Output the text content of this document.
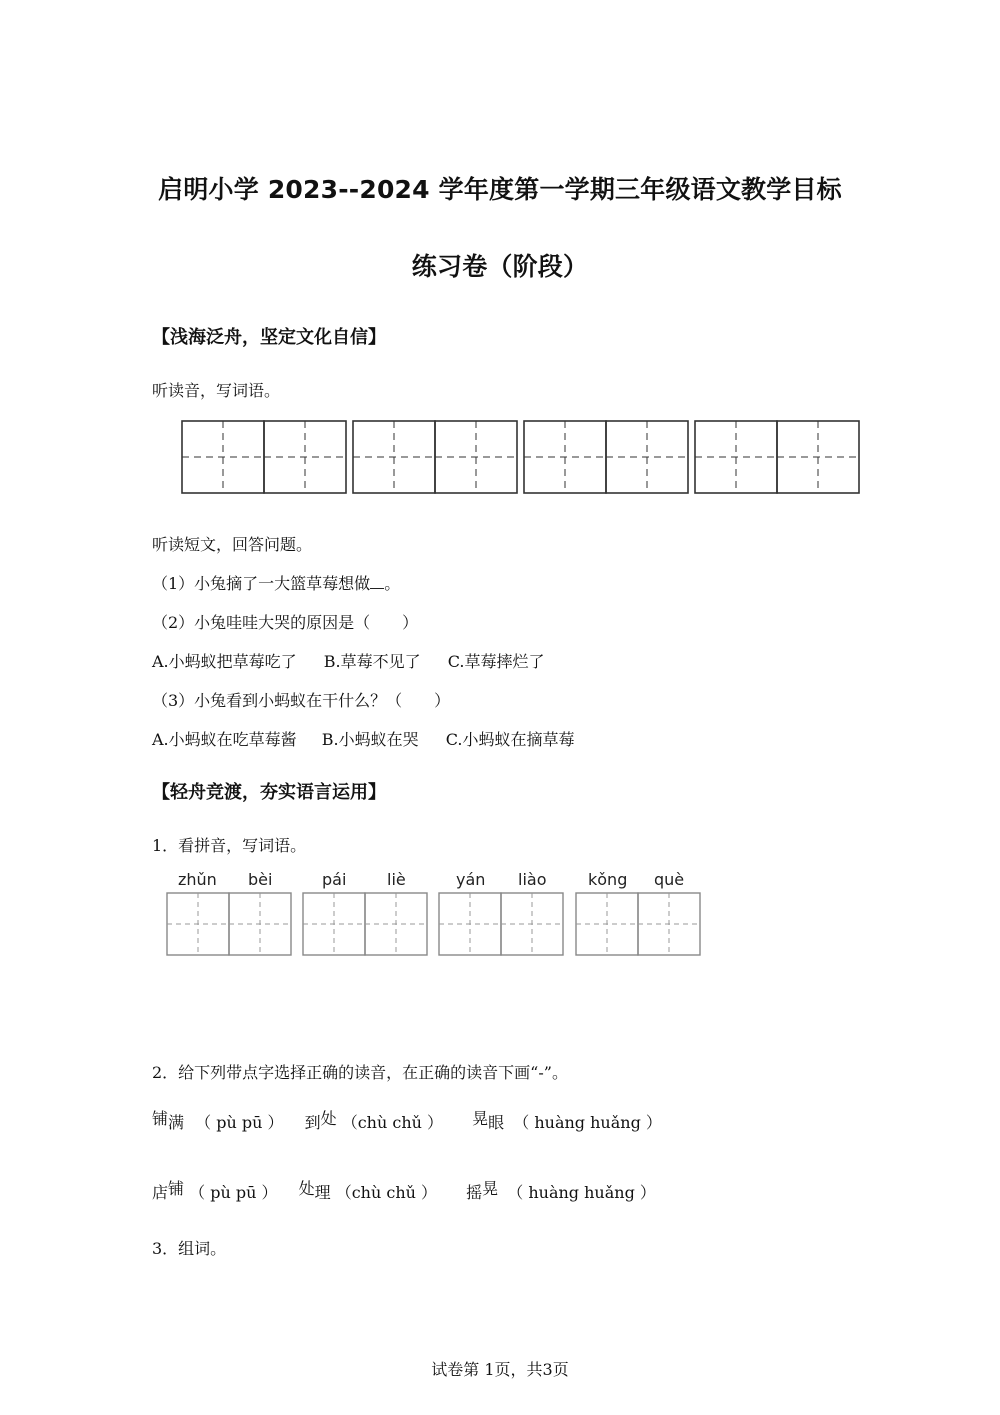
启明小学 2023--2024 学年度第一学期三年级语文教学目标
练习卷（阶段）
【浅海泛舟，坚定文化自信】
听读音，写词语。
听读短文，回答问题。
（1）小兔摘了一大篮草莓想做 。
（2）小兔哇哇大哭的原因是（　　）
A.小蚂蚁把草莓吃了 B.草莓不见了 C.草莓摔烂了
（3）小兔看到小蚂蚁在干什么？（　　）
A.小蚂蚁在吃草莓酱 B.小蚂蚁在哭 C.小蚂蚁在摘草莓
【轻舟竞渡，夯实语言运用】
1．看拼音，写词语。
zhǔn bèi	pái	liè	yán liào	kǒng què
2．给下列带点字选择正确的读音，在正确的读音下画“-”。
铺满 （ pù pū ） 到处 （chù chǔ ） 晃眼 （ huàng huǎng ）
店铺 （ pù pū ） 处理 （chù chǔ ） 摇晃 （ huàng huǎng ）
3．组词。
试卷第 1页，共3页
